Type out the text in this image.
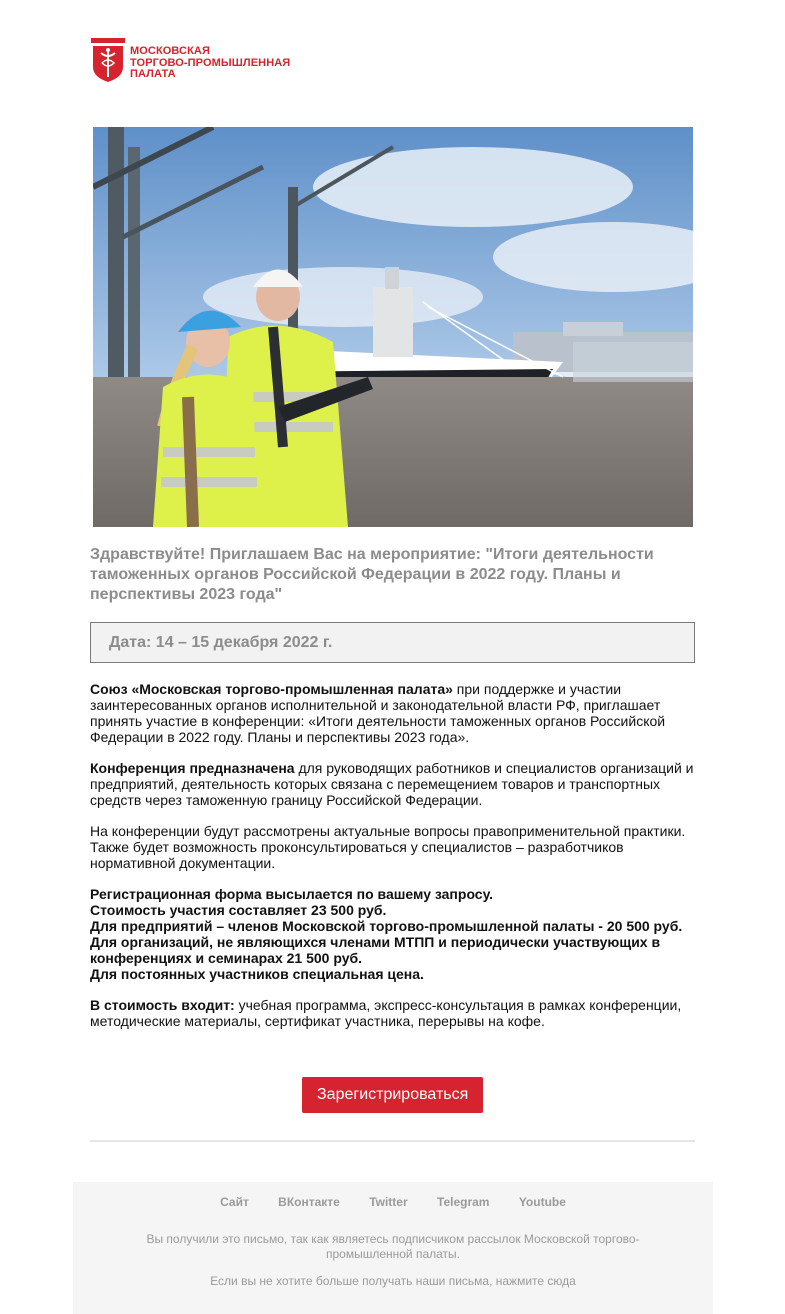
МОСКОВСКАЯ
ТОРГОВО-ПРОМЫШЛЕННАЯ
ПАЛАТА
Здравствуйте! Приглашаем Вас на мероприятие: "Итоги деятельности таможенных органов Российской Федерации в 2022 году. Планы и перспективы 2023 года"
Дата: 14 – 15 декабря 2022 г.

Союз «Московская торгово-промышленная палата» при поддержке и участии заинтересованных органов исполнительной и законодательной власти РФ, приглашает принять участие в конференции: «Итоги деятельности таможенных органов Российской Федерации в 2022 году. Планы и перспективы 2023 года».

Конференция предназначена для руководящих работников и специалистов организаций и предприятий, деятельность которых связана с перемещением товаров и транспортных средств через таможенную границу Российской Федерации.

На конференции будут рассмотрены актуальные вопросы правоприменительной практики.
Также будет возможность проконсультироваться у специалистов – разработчиков нормативной документации.

Регистрационная форма высылается по вашему запросу.
Стоимость участия составляет 23 500 руб.
Для предприятий – членов Московской торгово-промышленной палаты - 20 500 руб.
Для организаций, не являющихся членами МТПП и периодически участвующих в конференциях и семинарах 21 500 руб.
Для постоянных участников специальная цена.

В стоимость входит: учебная программа, экспресс-консультация в рамках конференции, методические материалы, сертификат участника, перерывы на кофе.

Зарегистрироваться
Сайт ВКонтакте Twitter Telegram Youtube
Вы получили это письмо, так как являетесь подписчиком рассылок Московской торгово-промышленной палаты.
Если вы не хотите больше получать наши письма, нажмите сюда
